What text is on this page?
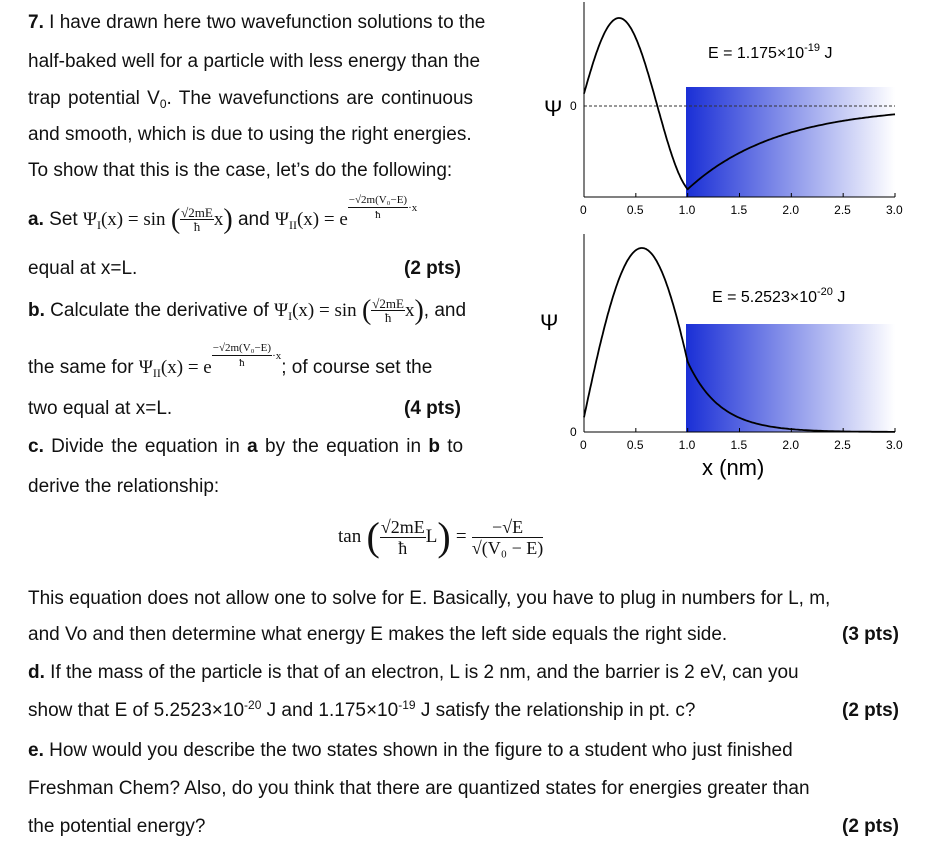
7. I have drawn here two wavefunction solutions to the
half-baked well for a particle with less energy than the
trap potential $V_0$. The wavefunctions are continuous
and smooth, which is due to using the right energies.
To show that this is the case, let’s do the following:
a. Set $\Psi_I(x) = \sin$ ( $\frac{√2mE}{ħ} x$) and $\Psi_{II}(x) = e \frac{\text{−√2m(V₀−E)}}{ħ} \cdot x$
equal at x=L.	(2 pts)
b. Calculate the derivative of $\Psi_I(x) = \sin$ ( $\frac{√2mE}{ħ} x$), and
the same for $\Psi_{II}(x) = e \frac{\text{−√2m(V₀−E)}}{ħ} \cdot x$; of course set the
two equal at x=L.	(4 pts)
c. Divide the equation in a by the equation in b to
derive the relationship:
tan ( $\frac{√2mE}{ħ} L) = \frac{-√E}{\text{√(V₀ − E)}}$
This equation does not allow one to solve for E. Basically, you have to plug in numbers for L, m,
and Vo and then determine what energy E makes the left side equals the right side.	(3 pts)
d. If the mass of the particle is that of an electron, L is 2 nm, and the barrier is 2 eV, can you
show that E of $5.2523\times 10^{-20}$ J and $1.175\times 10^{-19}$ J satisfy the relationship in pt. c?	(2 pts)
e. How would you describe the two states shown in the figure to a student who just finished
Freshman Chem? Also, do you think that there are quantized states for energies greater than
the potential energy?	(2 pts)
0	0.5	1.0	1.5	2.0	2.5	3.0
Ψ 0
$E = 1.175\times 10^{-19}$ J
0	0.5	1.0	1.5	2.0	2.5	3.0
Ψ
0
$E = 5.2523\times 10^{-20}$ J
x (nm)
